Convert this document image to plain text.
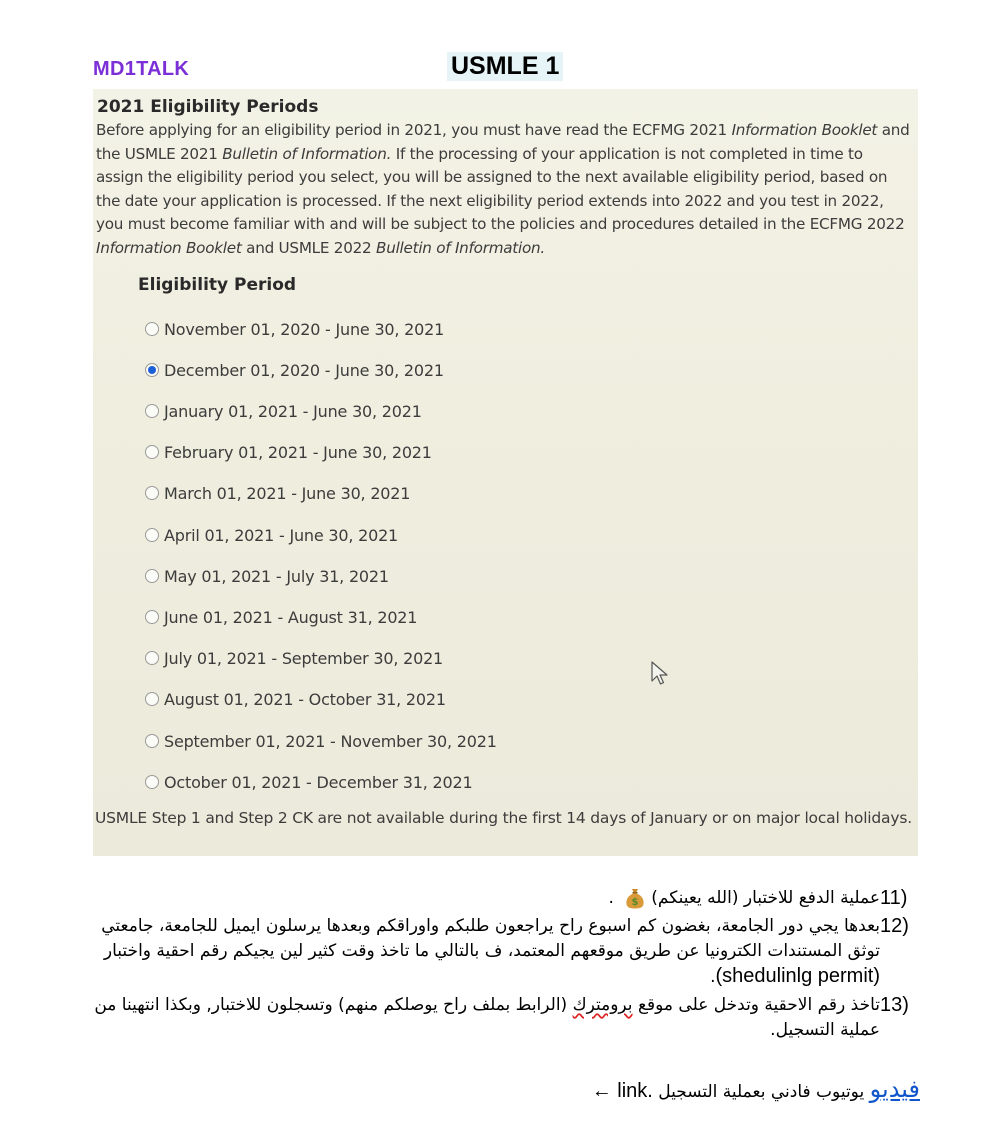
MD1TALK	USMLE 1
2021 Eligibility Periods
Before applying for an eligibility period in 2021, you must have read the ECFMG 2021 Information Booklet and the USMLE 2021 Bulletin of Information. If the processing of your application is not completed in time to assign the eligibility period you select, you will be assigned to the next available eligibility period, based on the date your application is processed. If the next eligibility period extends into 2022 and you test in 2022, you must become familiar with and will be subject to the policies and procedures detailed in the ECFMG 2022 Information Booklet and USMLE 2022 Bulletin of Information.
Eligibility Period
November 01, 2020 - June 30, 2021
December 01, 2020 - June 30, 2021
January 01, 2021 - June 30, 2021
February 01, 2021 - June 30, 2021
March 01, 2021 - June 30, 2021
April 01, 2021 - June 30, 2021
May 01, 2021 - July 31, 2021
June 01, 2021 - August 31, 2021
July 01, 2021 - September 30, 2021
August 01, 2021 - October 31, 2021
September 01, 2021 - November 30, 2021
October 01, 2021 - December 31, 2021
USMLE Step 1 and Step 2 CK are not available during the first 14 days of January or on major local holidays.
11)
عملية الدفع للاختبار (الله يعينكم)
$
.
12)
بعدها يجي دور الجامعة، بغضون كم اسبوع راح يراجعون طلبكم واوراقكم وبعدها يرسلون ايميل للجامعة، جامعتي توثق المستندات الكترونيا عن طريق موقعهم المعتمد، ف بالتالي ما تاخذ وقت كثير لين يجيكم رقم احقية واختبار (shedulinlg permit).
13)
تاخذ رقم الاحقية وتدخل على موقع برومترك (الرابط بملف راح يوصلكم منهم) وتسجلون للاختبار, وبكذا انتهينا من عملية التسجيل.
فيديو يوتيوب فادني بعملية التسجيل ← link.
